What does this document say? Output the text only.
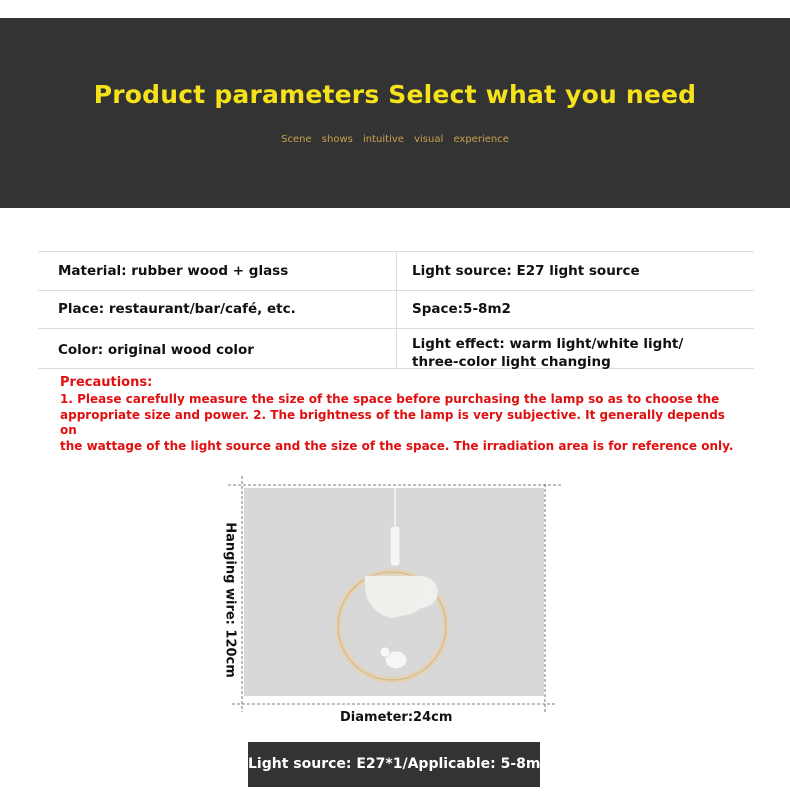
Product parameters Select what you need
Scene shows intuitive visual experience
Material: rubber wood + glass	Light source: E27 light source
Place: restaurant/bar/café, etc.	Space:5-8m2
Color: original wood color	Light effect: warm light/white light/
three-color light changing
Precautions:
1. Please carefully measure the size of the space before purchasing the lamp so as to choose the
appropriate size and power. 2. The brightness of the lamp is very subjective. It generally depends on
the wattage of the light source and the size of the space. The irradiation area is for reference only.
Hanging wire: 120cm
Diameter:24cm
Light source: E27*1/Applicable: 5-8m2
